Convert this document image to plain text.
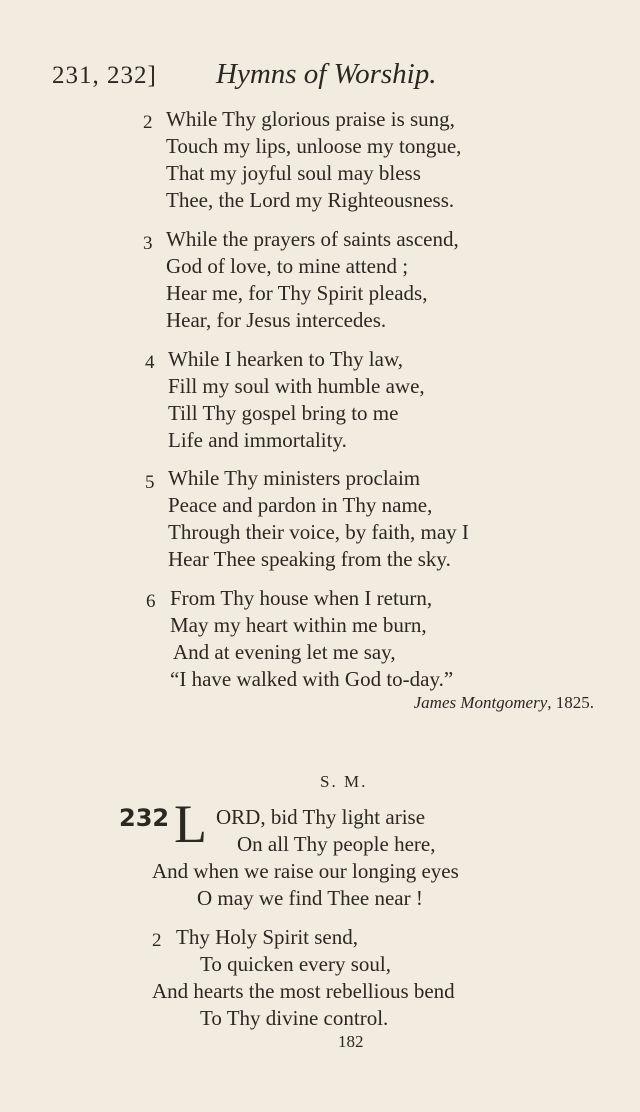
231, 232] Hymns of Worship.
2 While Thy glorious praise is sung,
Touch my lips, unloose my tongue,
That my joyful soul may bless
Thee, the Lord my Righteousness.
3 While the prayers of saints ascend,
God of love, to mine attend ;
Hear me, for Thy Spirit pleads,
Hear, for Jesus intercedes.
4 While I hearken to Thy law,
Fill my soul with humble awe,
Till Thy gospel bring to me
Life and immortality.
5 While Thy ministers proclaim
Peace and pardon in Thy name,
Through their voice, by faith, may I
Hear Thee speaking from the sky.
6 From Thy house when I return,
May my heart within me burn,
And at evening let me say,
“I have walked with God to-day.”
James Montgomery, 1825.
S. M.
232 L ORD, bid Thy light arise
On all Thy people here,
And when we raise our longing eyes
O may we find Thee near !
2 Thy Holy Spirit send,
To quicken every soul,
And hearts the most rebellious bend
To Thy divine control.
182
